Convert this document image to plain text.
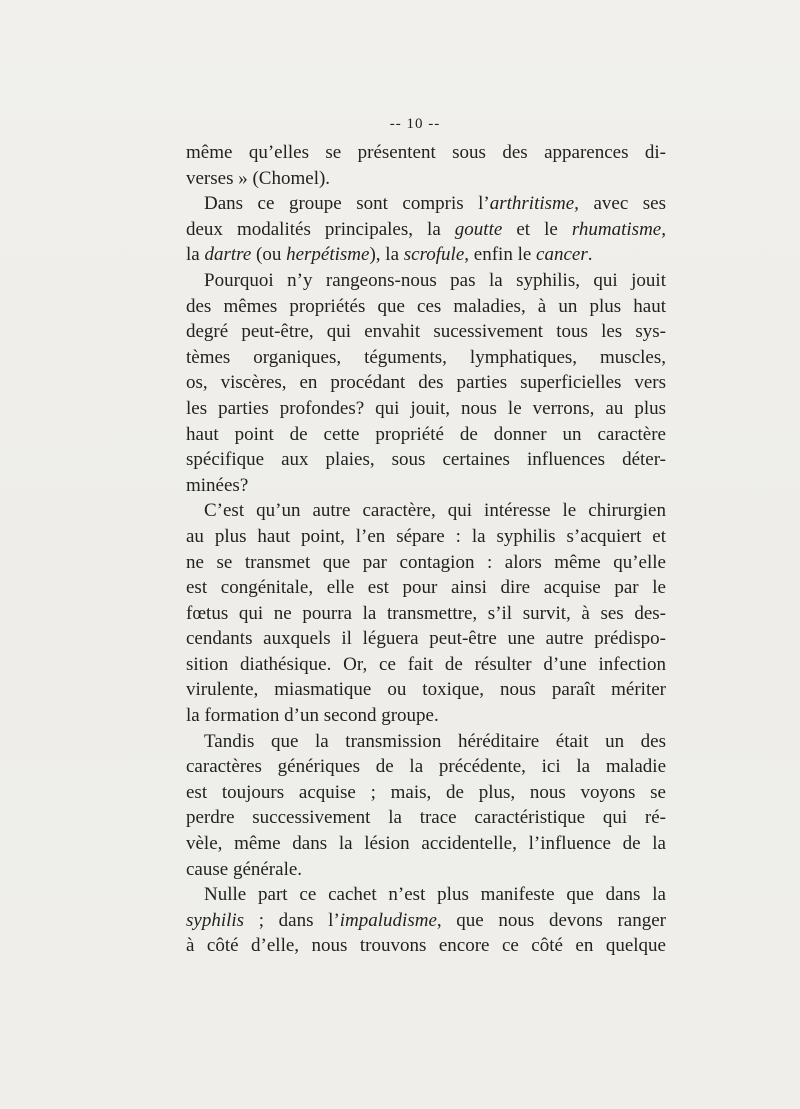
-- 10 --
même qu’elles se présentent sous des apparences di-
verses » (Chomel).
Dans ce groupe sont compris l’arthritisme, avec ses
deux modalités principales, la goutte et le rhumatisme,
la dartre (ou herpétisme), la scrofule, enfin le cancer.
Pourquoi n’y rangeons-nous pas la syphilis, qui jouit
des mêmes propriétés que ces maladies, à un plus haut
degré peut-être, qui envahit sucessivement tous les sys-
tèmes organiques, téguments, lymphatiques, muscles,
os, viscères, en procédant des parties superficielles vers
les parties profondes? qui jouit, nous le verrons, au plus
haut point de cette propriété de donner un caractère
spécifique aux plaies, sous certaines influences déter-
minées?
C’est qu’un autre caractère, qui intéresse le chirurgien
au plus haut point, l’en sépare : la syphilis s’acquiert et
ne se transmet que par contagion : alors même qu’elle
est congénitale, elle est pour ainsi dire acquise par le
fœtus qui ne pourra la transmettre, s’il survit, à ses des-
cendants auxquels il léguera peut-être une autre prédispo-
sition diathésique. Or, ce fait de résulter d’une infection
virulente, miasmatique ou toxique, nous paraît mériter
la formation d’un second groupe.
Tandis que la transmission héréditaire était un des
caractères génériques de la précédente, ici la maladie
est toujours acquise ; mais, de plus, nous voyons se
perdre successivement la trace caractéristique qui ré-
vèle, même dans la lésion accidentelle, l’influence de la
cause générale.
Nulle part ce cachet n’est plus manifeste que dans la
syphilis ; dans l’impaludisme, que nous devons ranger
à côté d’elle, nous trouvons encore ce côté en quelque
